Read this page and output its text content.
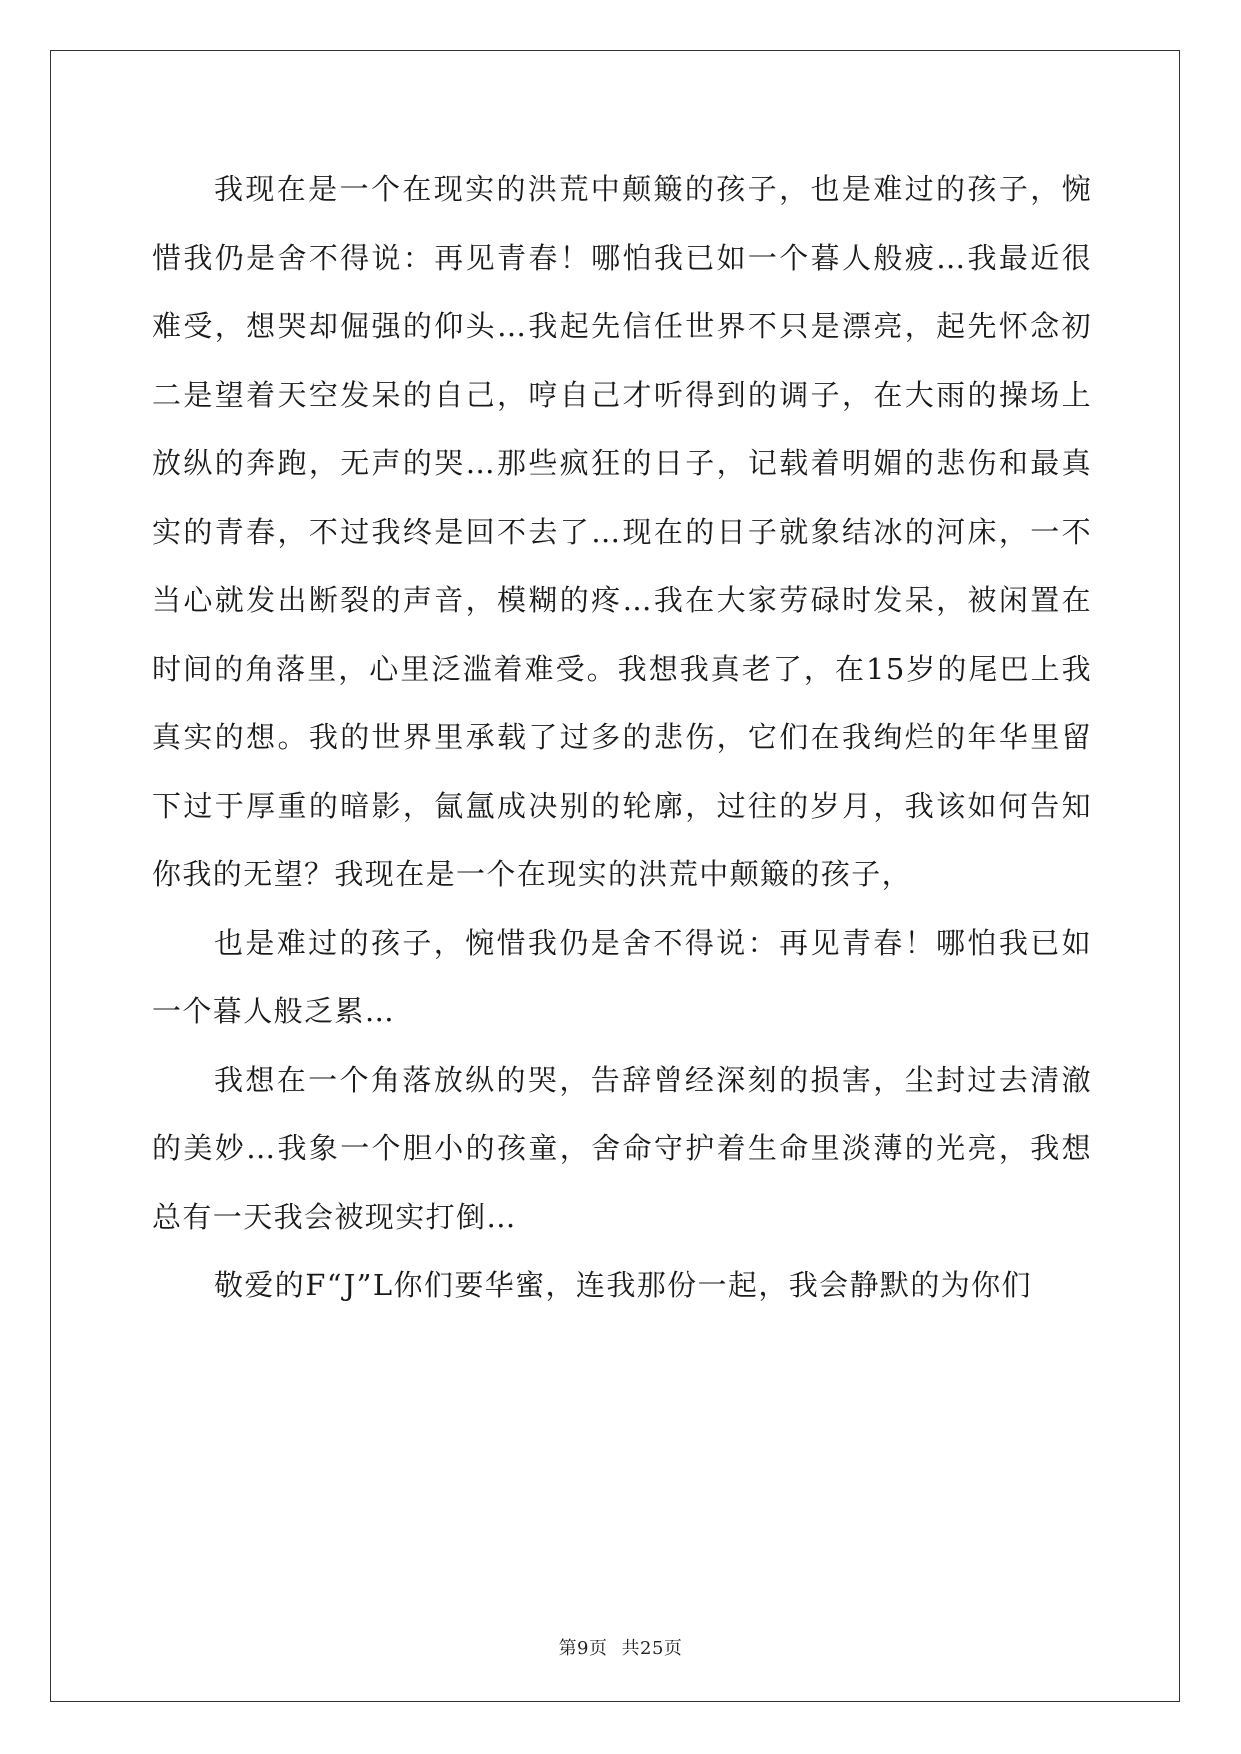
我现在是一个在现实的洪荒中颠簸的孩子，也是难过的孩子，惋惜我仍是舍不得说：再见青春！哪怕我已如一个暮人般疲…我最近很难受，想哭却倔强的仰头…我起先信任世界不只是漂亮，起先怀念初二是望着天空发呆的自己，哼自己才听得到的调子，在大雨的操场上放纵的奔跑，无声的哭…那些疯狂的日子，记载着明媚的悲伤和最真实的青春，不过我终是回不去了…现在的日子就象结冰的河床，一不当心就发出断裂的声音，模糊的疼…我在大家劳碌时发呆，被闲置在时间的角落里，心里泛滥着难受。我想我真老了，在15岁的尾巴上我真实的想。我的世界里承载了过多的悲伤，它们在我绚烂的年华里留下过于厚重的暗影，氤氲成决别的轮廓，过往的岁月，我该如何告知你我的无望？我现在是一个在现实的洪荒中颠簸的孩子，

也是难过的孩子，惋惜我仍是舍不得说：再见青春！哪怕我已如一个暮人般乏累…

我想在一个角落放纵的哭，告辞曾经深刻的损害，尘封过去清澈的美妙…我象一个胆小的孩童，舍命守护着生命里淡薄的光亮，我想总有一天我会被现实打倒…

敬爱的F“J”L你们要华蜜，连我那份一起，我会静默的为你们

第9页 共25页
